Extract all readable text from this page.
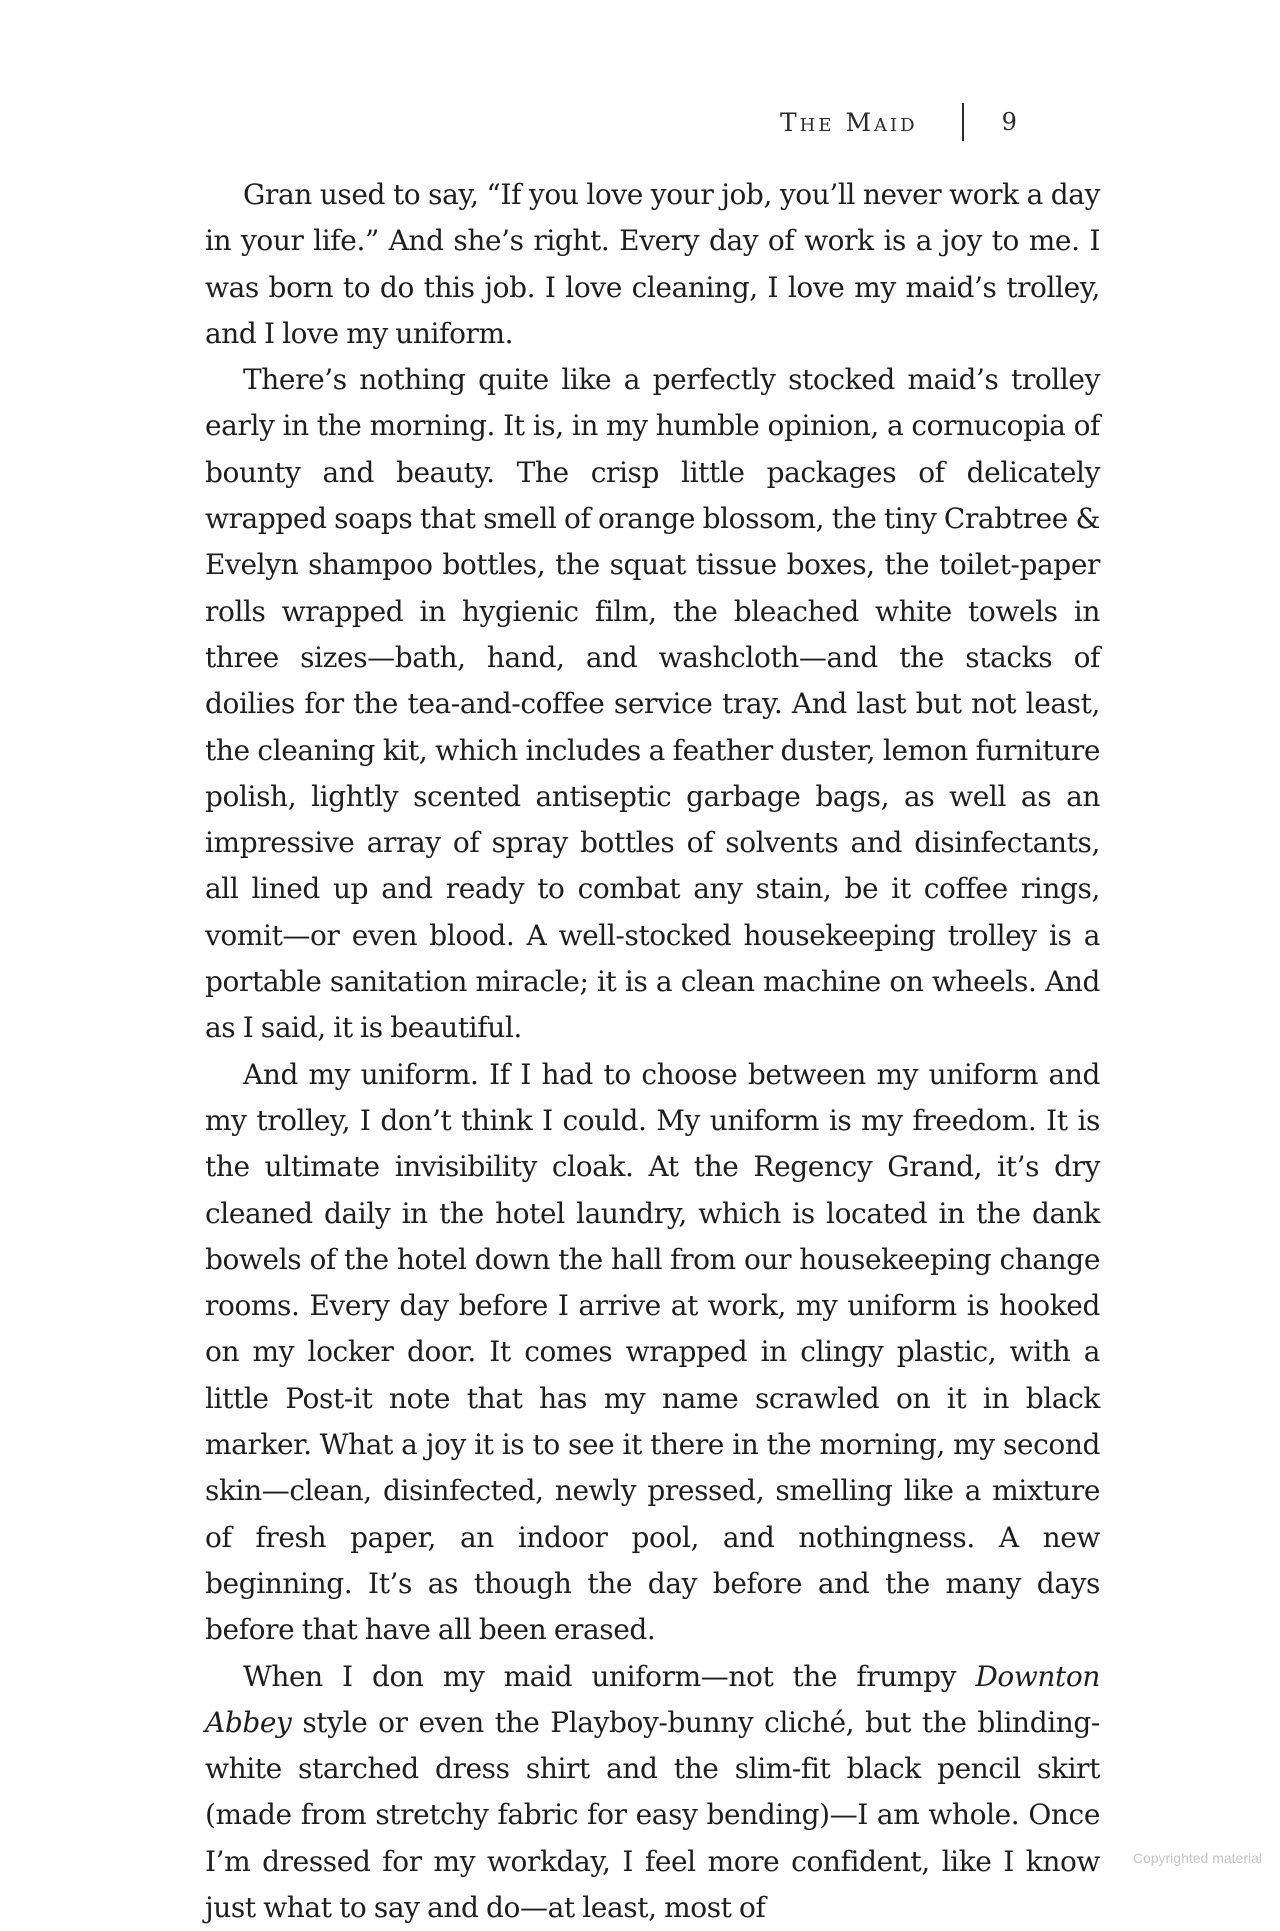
The Maid	9

Gran used to say, “If you love your job, you’ll never work a day in your life.” And she’s right. Every day of work is a joy to me. I was born to do this job. I love cleaning, I love my maid’s trolley, and I love my uniform.

There’s nothing quite like a perfectly stocked maid’s trolley early in the morning. It is, in my humble opinion, a cornucopia of bounty and beauty. The crisp little packages of delicately wrapped soaps that smell of orange blossom, the tiny Crabtree & Evelyn shampoo bottles, the squat tissue boxes, the toilet-paper rolls wrapped in hygienic film, the bleached white towels in three sizes—bath, hand, and washcloth—and the stacks of doilies for the tea-and-coffee service tray. And last but not least, the cleaning kit, which includes a feather duster, lemon furniture polish, lightly scented antiseptic garbage bags, as well as an impressive array of spray bottles of solvents and disinfectants, all lined up and ready to combat any stain, be it coffee rings, vomit—or even blood. A well-stocked housekeeping trolley is a portable sanitation miracle; it is a clean machine on wheels. And as I said, it is beautiful.

And my uniform. If I had to choose between my uniform and my trolley, I don’t think I could. My uniform is my freedom. It is the ultimate invisibility cloak. At the Regency Grand, it’s dry cleaned daily in the hotel laundry, which is located in the dank bowels of the hotel down the hall from our housekeeping change rooms. Every day before I arrive at work, my uniform is hooked on my locker door. It comes wrapped in clingy plastic, with a little Post-it note that has my name scrawled on it in black marker. What a joy it is to see it there in the morning, my second skin—clean, disinfected, newly pressed, smelling like a mixture of fresh paper, an indoor pool, and nothingness. A new beginning. It’s as though the day before and the many days before that have all been erased.

When I don my maid uniform—not the frumpy Downton Abbey style or even the Playboy-bunny cliché, but the blinding-white starched dress shirt and the slim-fit black pencil skirt (made from stretchy fabric for easy bending)—I am whole. Once I’m dressed for my workday, I feel more confident, like I know just what to say and do—at least, most of

Copyrighted material
